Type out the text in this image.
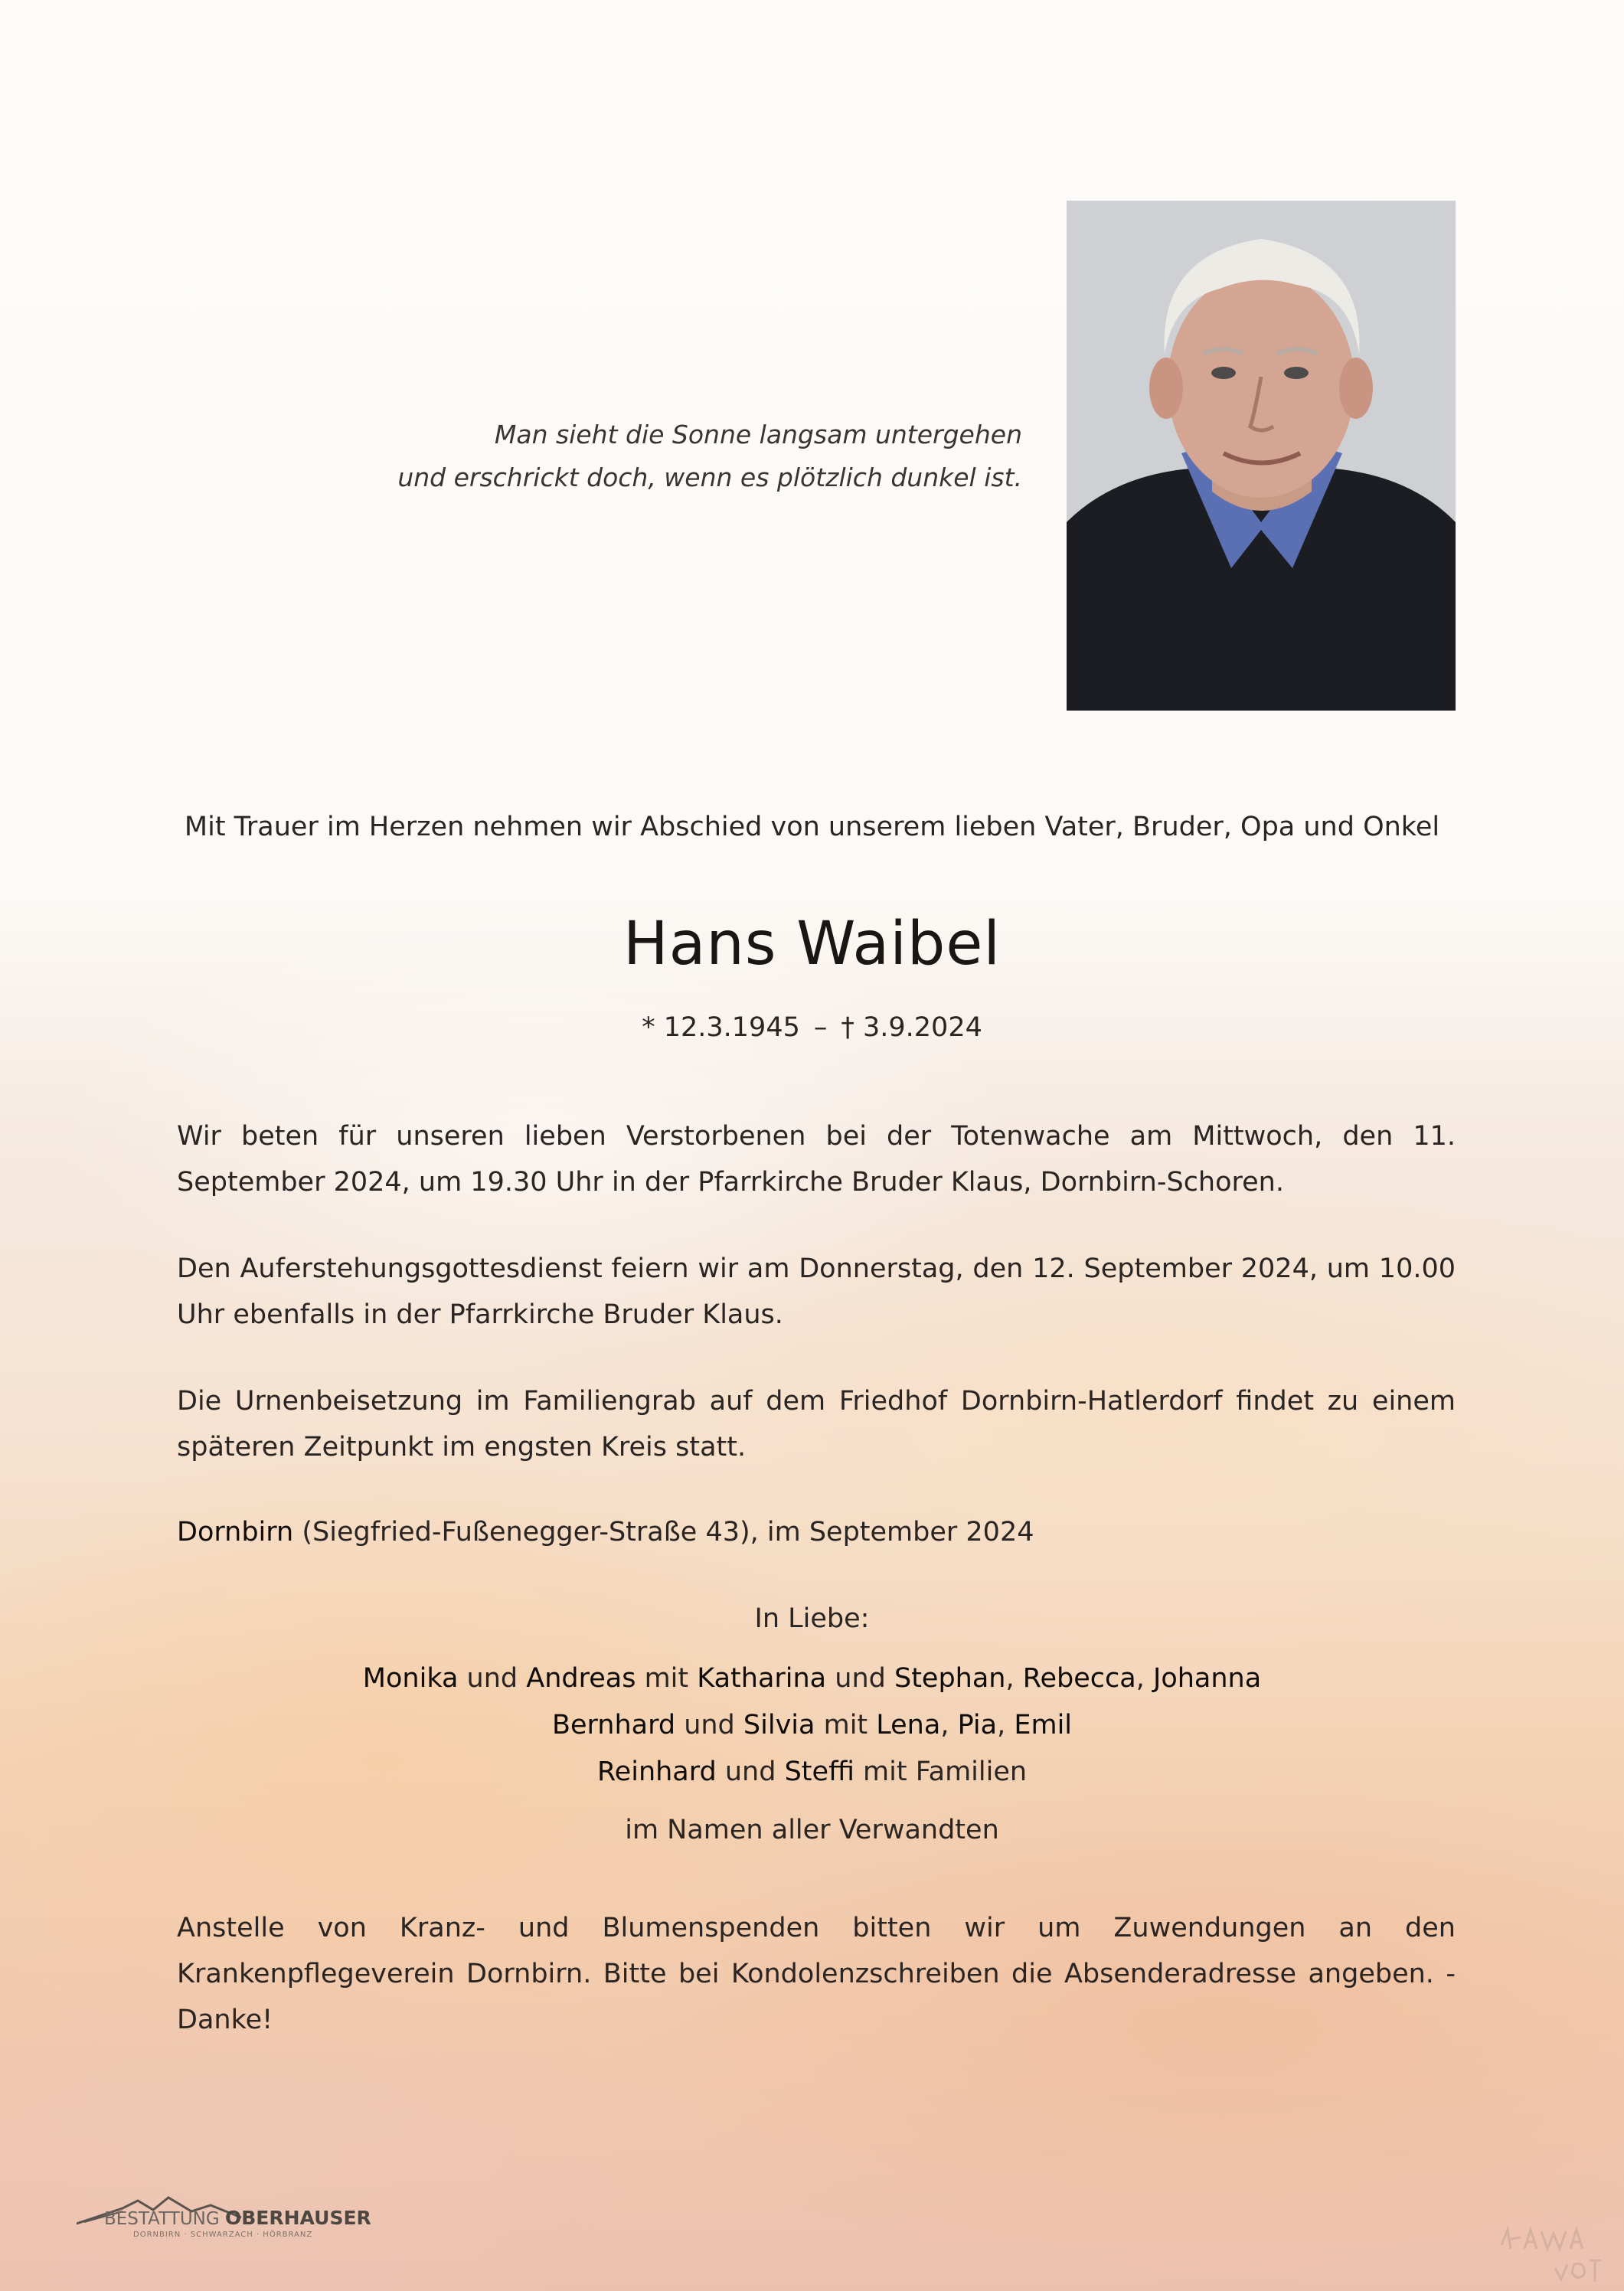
Man sieht die Sonne langsam untergehen
und erschrickt doch, wenn es plötzlich dunkel ist.
Mit Trauer im Herzen nehmen wir Abschied von unserem lieben Vater, Bruder, Opa und Onkel
Hans Waibel
* 12.3.1945 – † 3.9.2024
Wir beten für unseren lieben Verstorbenen bei der Totenwache am Mittwoch, den 11. September 2024, um 19.30 Uhr in der Pfarrkirche Bruder Klaus, Dornbirn-Schoren.
Den Auferstehungsgottesdienst feiern wir am Donnerstag, den 12. September 2024, um 10.00 Uhr ebenfalls in der Pfarrkirche Bruder Klaus.
Die Urnenbeisetzung im Familiengrab auf dem Friedhof Dornbirn-Hatlerdorf findet zu einem späteren Zeitpunkt im engsten Kreis statt.
Dornbirn (Siegfried-Fußenegger-Straße 43), im September 2024
In Liebe:
Monika und Andreas mit Katharina und Stephan, Rebecca, Johanna
Bernhard und Silvia mit Lena, Pia, Emil
Reinhard und Steffi mit Familien
im Namen aller Verwandten
Anstelle von Kranz- und Blumenspenden bitten wir um Zuwendungen an den Krankenpflegeverein Dornbirn. Bitte bei Kondolenzschreiben die Absenderadresse angeben. - Danke!
BESTATTUNG OBERHAUSER
DORNBIRN · SCHWARZACH · HÖRBRANZ
